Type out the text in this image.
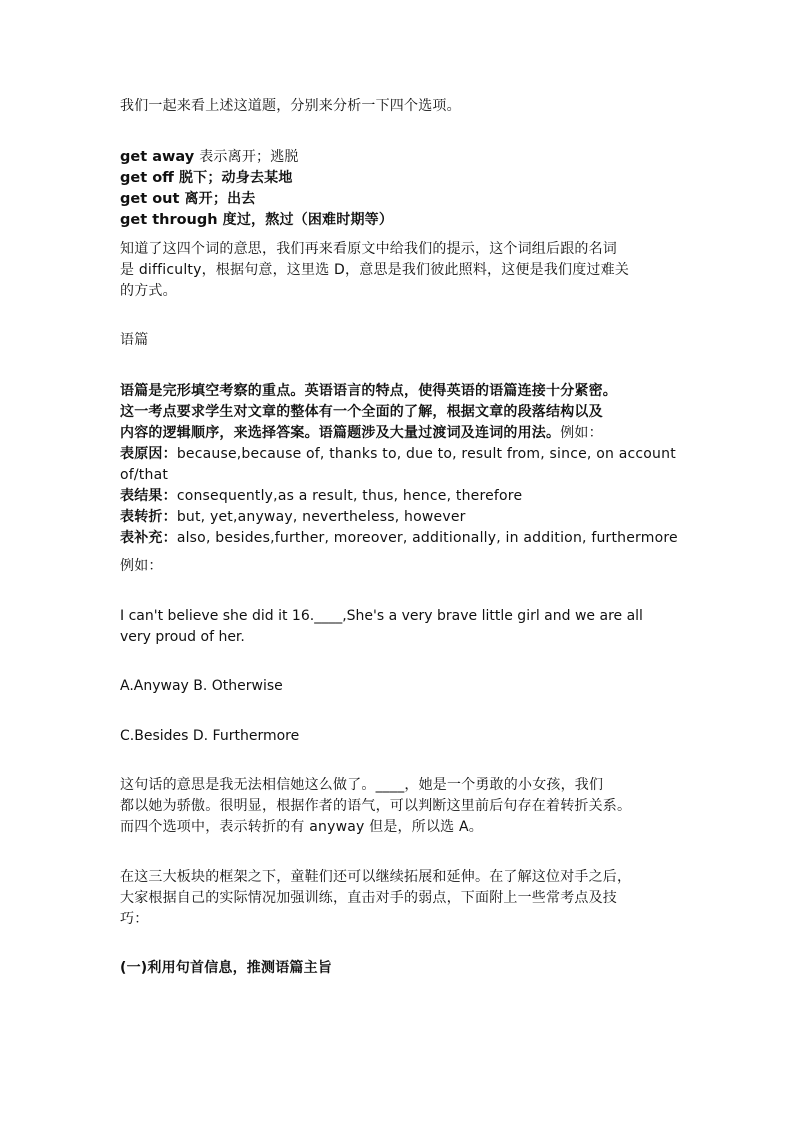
我们一起来看上述这道题，分别来分析一下四个选项。
get away 表示离开；逃脱
get off 脱下；动身去某地
get out 离开；出去
get through 度过，熬过（困难时期等）
知道了这四个词的意思，我们再来看原文中给我们的提示，这个词组后跟的名词
是 difficulty，根据句意，这里选 D，意思是我们彼此照料，这便是我们度过难关
的方式。
语篇
语篇是完形填空考察的重点。英语语言的特点，使得英语的语篇连接十分紧密。
这一考点要求学生对文章的整体有一个全面的了解，根据文章的段落结构以及
内容的逻辑顺序，来选择答案。语篇题涉及大量过渡词及连词的用法。例如：
表原因：because,because of, thanks to, due to, result from, since, on account
of/that
表结果：consequently,as a result, thus, hence, therefore
表转折：but, yet,anyway, nevertheless, however
表补充：also, besides,further, moreover, additionally, in addition, furthermore
例如：
I can't believe she did it 16.____,She's a very brave little girl and we are all
very proud of her.
A.Anyway B. Otherwise
C.Besides D. Furthermore
这句话的意思是我无法相信她这么做了。____，她是一个勇敢的小女孩，我们
都以她为骄傲。很明显，根据作者的语气，可以判断这里前后句存在着转折关系。
而四个选项中，表示转折的有 anyway 但是，所以选 A。
在这三大板块的框架之下，童鞋们还可以继续拓展和延伸。在了解这位对手之后，
大家根据自己的实际情况加强训练，直击对手的弱点，下面附上一些常考点及技
巧：
(一)利用句首信息，推测语篇主旨
